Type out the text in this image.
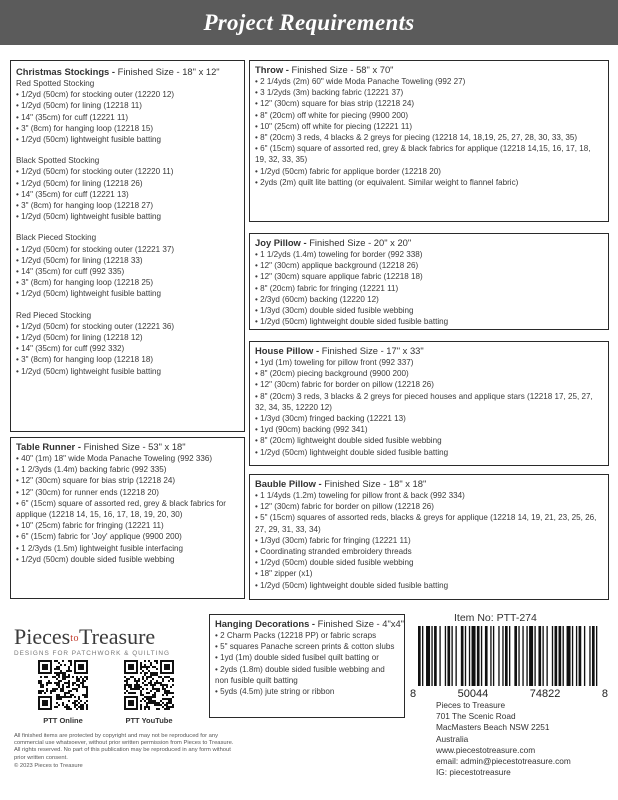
Project Requirements
Christmas Stockings - Finished Size - 18" x 12"
Red Spotted Stocking
• 1/2yd (50cm) for stocking outer (12220 12)
• 1/2yd (50cm) for lining (12218 11)
• 14" (35cm) for cuff (12221 11)
• 3" (8cm) for hanging loop (12218 15)
• 1/2yd (50cm) lightweight fusible batting
Black Spotted Stocking
• 1/2yd (50cm) for stocking outer (12220 11)
• 1/2yd (50cm) for lining (12218 26)
• 14" (35cm) for cuff (12221 13)
• 3" (8cm) for hanging loop (12218 27)
• 1/2yd (50cm) lightweight fusible batting
Black Pieced Stocking
• 1/2yd (50cm) for stocking outer (12221 37)
• 1/2yd (50cm) for lining (12218 33)
• 14" (35cm) for cuff (992 335)
• 3" (8cm) for hanging loop (12218 25)
• 1/2yd (50cm) lightweight fusible batting
Red Pieced Stocking
• 1/2yd (50cm) for stocking outer (12221 36)
• 1/2yd (50cm) for lining (12218 12)
• 14" (35cm) for cuff (992 332)
• 3" (8cm) for hanging loop (12218 18)
• 1/2yd (50cm) lightweight fusible batting
Table Runner - Finished Size - 53" x 18"
• 40" (1m) 18" wide Moda Panache Toweling (992 336)
• 1 2/3yds (1.4m) backing fabric (992 335)
• 12" (30cm) square for bias strip (12218 24)
• 12" (30cm) for runner ends (12218 20)
• 6" (15cm) square of assorted red, grey & black fabrics for applique (12218 14, 15, 16, 17, 18, 19, 20, 30)
• 10" (25cm) fabric for fringing (12221 11)
• 6" (15cm) fabric for 'Joy' applique (9900 200)
• 1 2/3yds (1.5m) lightweight fusible interfacing
• 1/2yd (50cm) double sided fusible webbing
Throw - Finished Size - 58" x 70"
• 2 1/4yds (2m) 60" wide Moda Panache Toweling (992 27)
• 3 1/2yds (3m) backing fabric (12221 37)
• 12" (30cm) square for bias strip (12218 24)
• 8" (20cm) off white for piecing (9900 200)
• 10" (25cm) off white for piecing (12221 11)
• 8" (20cm) 3 reds, 4 blacks & 2 greys for piecing (12218 14, 18,19, 25, 27, 28, 30, 33, 35)
• 6" (15cm) square of assorted red, grey & black fabrics for applique (12218 14,15, 16, 17, 18, 19, 32, 33, 35)
• 1/2yd (50cm) fabric for applique border (12218 20)
• 2yds (2m) quilt lite batting (or equivalent. Similar weight to flannel fabric)
Joy Pillow - Finished Size - 20" x 20"
• 1 1/2yds (1.4m) toweling for border (992 338)
• 12" (30cm) applique background (12218 26)
• 12" (30cm) square applique fabric (12218 18)
• 8" (20cm) fabric for fringing (12221 11)
• 2/3yd (60cm) backing (12220 12)
• 1/3yd (30cm) double sided fusible webbing
• 1/2yd (50cm) lightweight double sided fusible batting
House Pillow - Finished Size - 17" x 33"
• 1yd (1m) toweling for pillow front (992 337)
• 8" (20cm) piecing background (9900 200)
• 12" (30cm) fabric for border on pillow (12218 26)
• 8" (20cm) 3 reds, 3 blacks & 2 greys for pieced houses and applique stars (12218 17, 25, 27, 32, 34, 35, 12220 12)
• 1/3yd (30cm) fringed backing (12221 13)
• 1yd (90cm) backing (992 341)
• 8" (20cm) lightweight double sided fusible webbing
• 1/2yd (50cm) lightweight double sided fusible batting
Bauble Pillow - Finished Size - 18" x 18"
• 1 1/4yds (1.2m) toweling for pillow front & back (992 334)
• 12" (30cm) fabric for border on pillow (12218 26)
• 5" (15cm) squares of assorted reds, blacks & greys for applique (12218 14, 19, 21, 23, 25, 26, 27, 29, 31, 33, 34)
• 1/3yd (30cm) fabric for fringing (12221 11)
• Coordinating stranded embroidery threads
• 1/2yd (50cm) double sided fusible webbing
• 18" zipper (x1)
• 1/2yd (50cm) lightweight double sided fusible batting
Hanging Decorations - Finished Size - 4"x4"
• 2 Charm Packs (12218 PP) or fabric scraps
• 5" squares Panache screen prints & cotton slubs
• 1yd (1m) double sided fusibel quilt batting or
• 2yds (1.8m) double sided fusible webbing and non fusible quilt batting
• 5yds (4.5m) jute string or ribbon
PiecestoTreasure
DESIGNS FOR PATCHWORK & QUILTING
PTT Online	PTT YouTube
All finished items are protected by copyright and may not be reproduced for any commercial use whatsoever, without prior written permission from Pieces to Treasure. All rights reserved. No part of this publication may be reproduced in any form without prior written consent.
© 2023 Pieces to Treasure
Item No: PTT-274
8	50044	74822	8
Pieces to Treasure
701 The Scenic Road
MacMasters Beach NSW 2251
Australia
www.piecestotreasure.com
email: admin@piecestotreasure.com
IG: piecestotreasure
